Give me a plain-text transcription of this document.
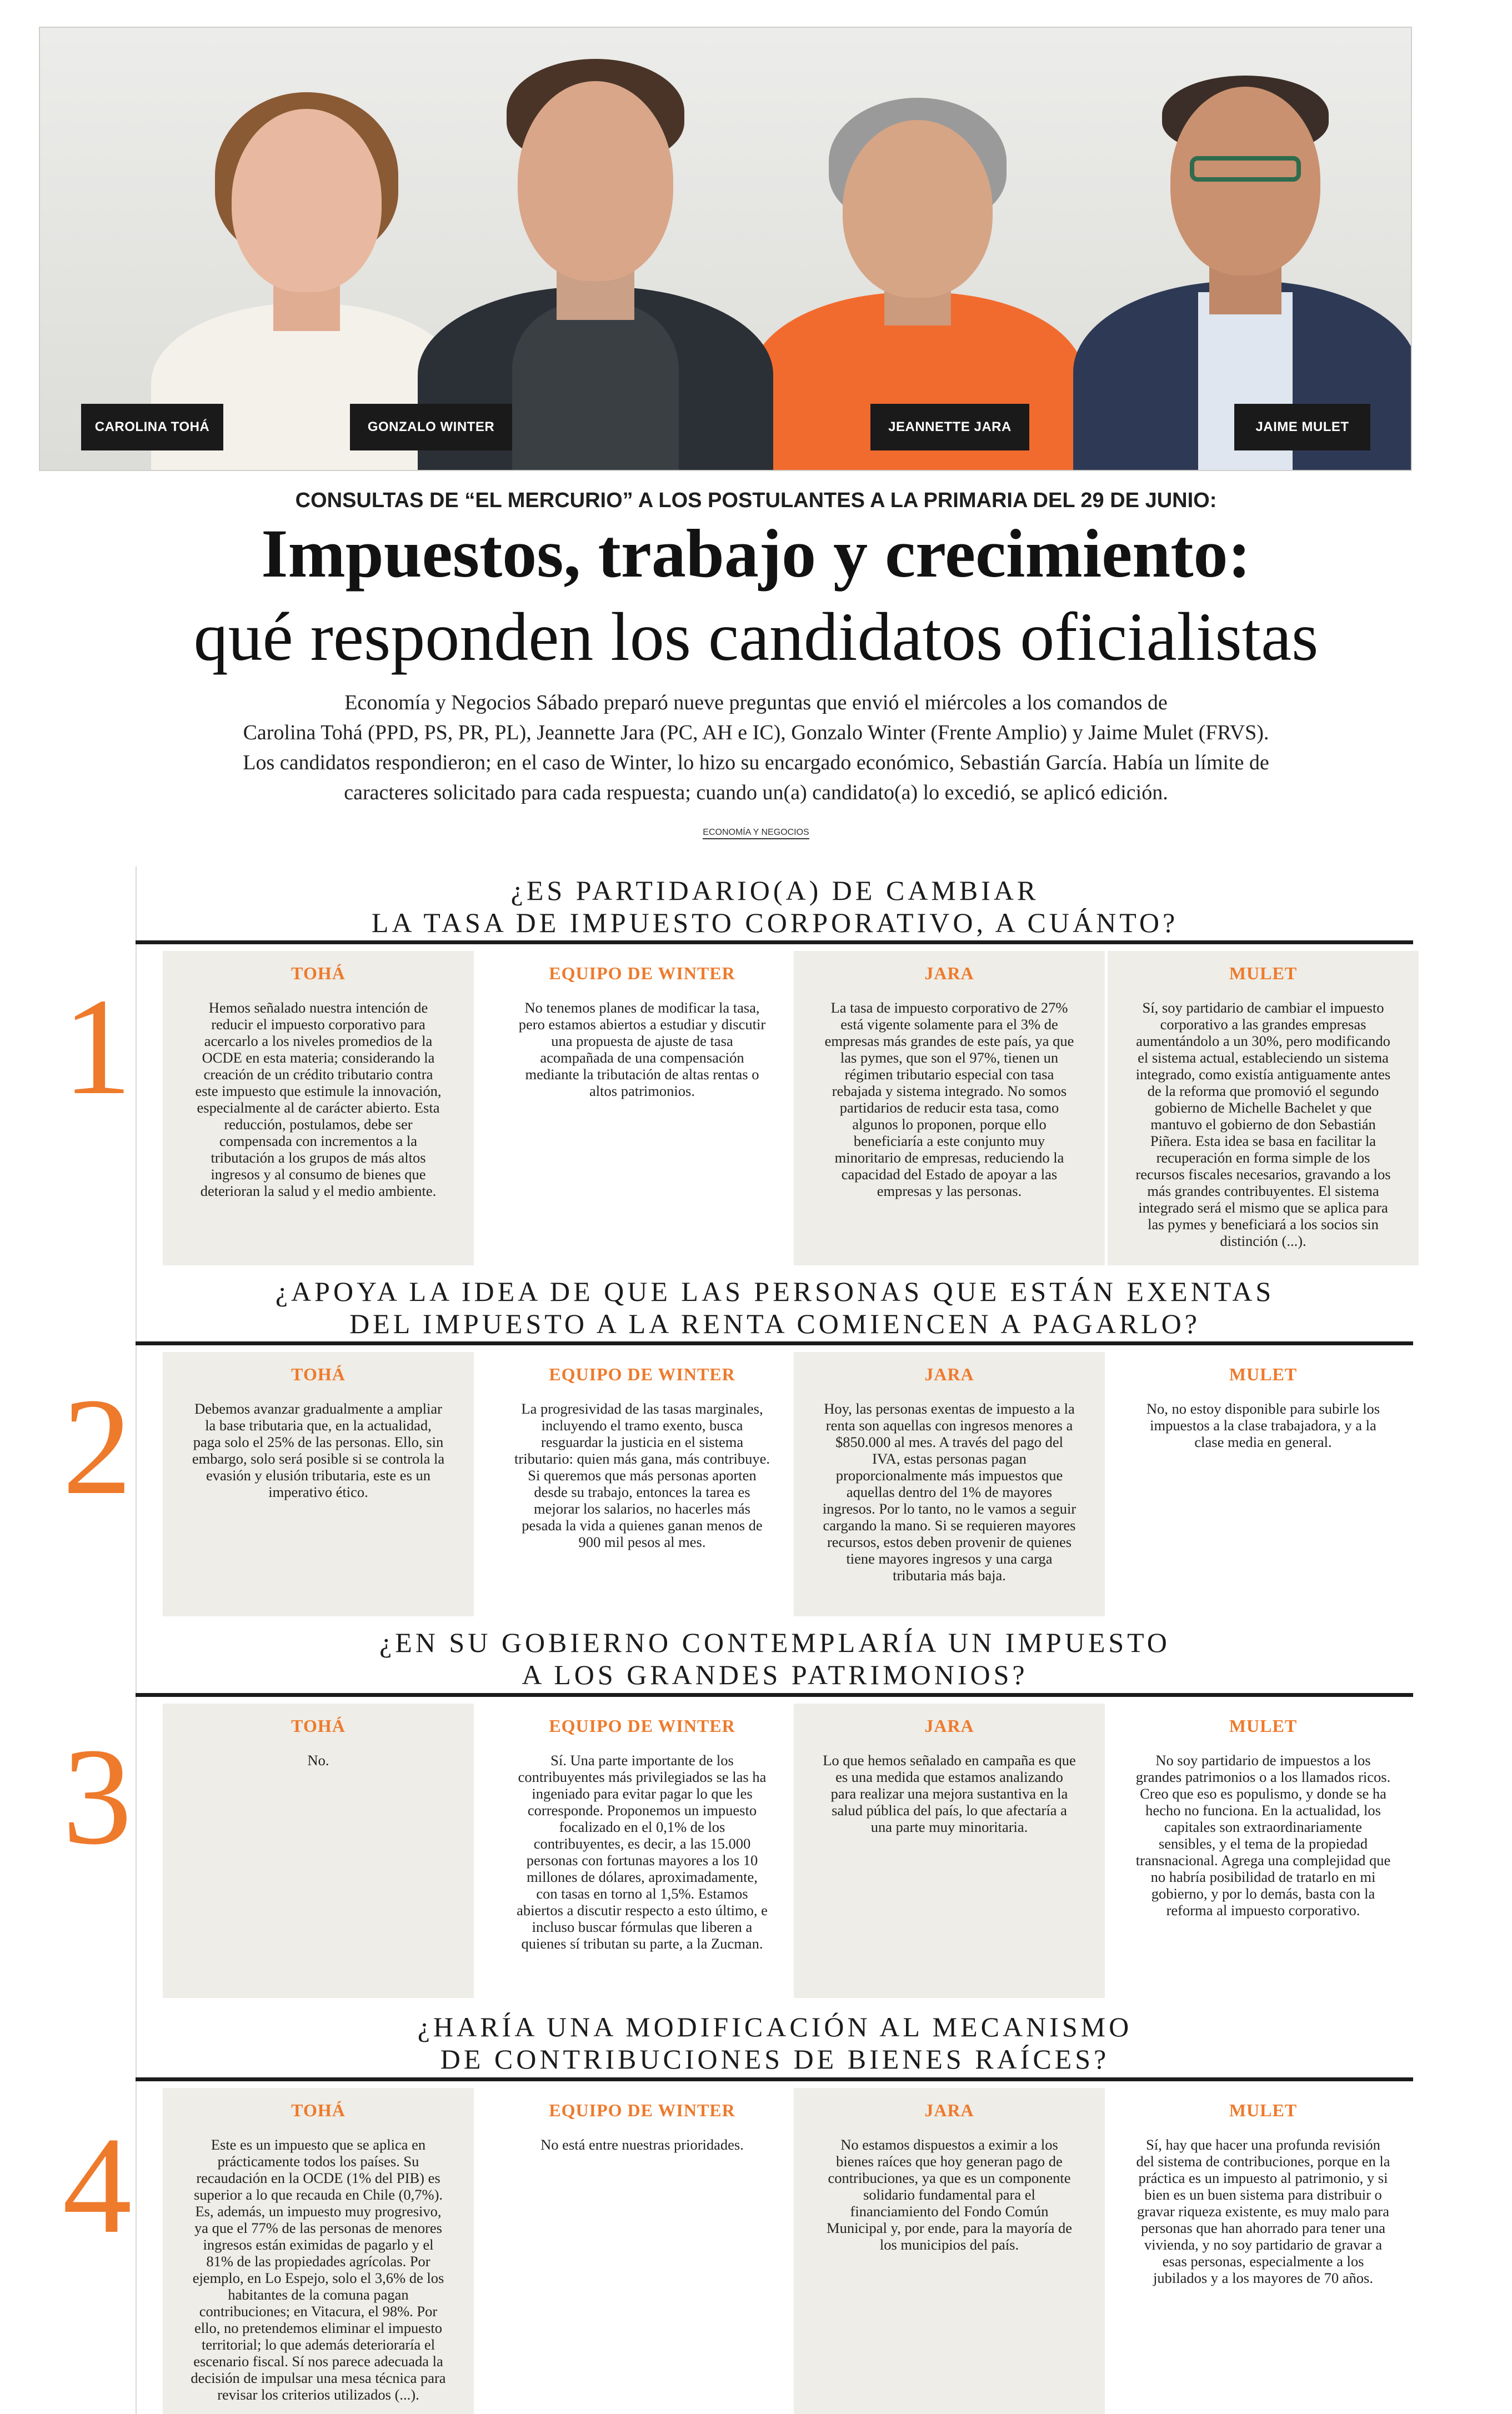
CAROLINA TOHÁ	GONZALO WINTER	JEANNETTE JARA	JAIME MULET
CONSULTAS DE “EL MERCURIO” A LOS POSTULANTES A LA PRIMARIA DEL 29 DE JUNIO:
Impuestos, trabajo y crecimiento:
qué responden los candidatos oficialistas
Economía y Negocios Sábado preparó nueve preguntas que envió el miércoles a los comandos de
Carolina Tohá (PPD, PS, PR, PL), Jeannette Jara (PC, AH e IC), Gonzalo Winter (Frente Amplio) y Jaime Mulet (FRVS).
Los candidatos respondieron; en el caso de Winter, lo hizo su encargado económico, Sebastián García. Había un límite de
caracteres solicitado para cada respuesta; cuando un(a) candidato(a) lo excedió, se aplicó edición.
ECONOMÍA Y NEGOCIOS
¿ES PARTIDARIO(A) DE CAMBIAR
LA TASA DE IMPUESTO CORPORATIVO, A CUÁNTO?
1	TOHÁ
Hemos señalado nuestra intención de reducir el impuesto corporativo para acercarlo a los niveles promedios de la OCDE en esta materia; considerando la creación de un crédito tributario contra este impuesto que estimule la innovación, especialmente al de carácter abierto. Esta reducción, postulamos, debe ser compensada con incrementos a la tributación a los grupos de más altos ingresos y al consumo de bienes que deterioran la salud y el medio ambiente.
EQUIPO DE WINTER
No tenemos planes de modificar la tasa, pero estamos abiertos a estudiar y discutir una propuesta de ajuste de tasa acompañada de una compensación mediante la tributación de altas rentas o altos patrimonios.
JARA
La tasa de impuesto corporativo de 27% está vigente solamente para el 3% de empresas más grandes de este país, ya que las pymes, que son el 97%, tienen un régimen tributario especial con tasa rebajada y sistema integrado. No somos partidarios de reducir esta tasa, como algunos lo proponen, porque ello beneficiaría a este conjunto muy minoritario de empresas, reduciendo la capacidad del Estado de apoyar a las empresas y las personas.
MULET
Sí, soy partidario de cambiar el impuesto corporativo a las grandes empresas aumentándolo a un 30%, pero modificando el sistema actual, estableciendo un sistema integrado, como existía antiguamente antes de la reforma que promovió el segundo gobierno de Michelle Bachelet y que mantuvo el gobierno de don Sebastián Piñera. Esta idea se basa en facilitar la recuperación en forma simple de los recursos fiscales necesarios, gravando a los más grandes contribuyentes. El sistema integrado será el mismo que se aplica para las pymes y beneficiará a los socios sin distinción (...).
¿APOYA LA IDEA DE QUE LAS PERSONAS QUE ESTÁN EXENTAS
DEL IMPUESTO A LA RENTA COMIENCEN A PAGARLO?
2	TOHÁ
Debemos avanzar gradualmente a ampliar la base tributaria que, en la actualidad, paga solo el 25% de las personas. Ello, sin embargo, solo será posible si se controla la evasión y elusión tributaria, este es un imperativo ético.
EQUIPO DE WINTER
La progresividad de las tasas marginales, incluyendo el tramo exento, busca resguardar la justicia en el sistema tributario: quien más gana, más contribuye. Si queremos que más personas aporten desde su trabajo, entonces la tarea es mejorar los salarios, no hacerles más pesada la vida a quienes ganan menos de 900 mil pesos al mes.
JARA
Hoy, las personas exentas de impuesto a la renta son aquellas con ingresos menores a $850.000 al mes. A través del pago del IVA, estas personas pagan proporcionalmente más impuestos que aquellas dentro del 1% de mayores ingresos. Por lo tanto, no le vamos a seguir cargando la mano. Si se requieren mayores recursos, estos deben provenir de quienes tiene mayores ingresos y una carga tributaria más baja.
MULET
No, no estoy disponible para subirle los impuestos a la clase trabajadora, y a la clase media en general.
¿EN SU GOBIERNO CONTEMPLARÍA UN IMPUESTO
A LOS GRANDES PATRIMONIOS?
3	TOHÁ
No.
EQUIPO DE WINTER
Sí. Una parte importante de los contribuyentes más privilegiados se las ha ingeniado para evitar pagar lo que les corresponde. Proponemos un impuesto focalizado en el 0,1% de los contribuyentes, es decir, a las 15.000 personas con fortunas mayores a los 10 millones de dólares, aproximadamente, con tasas en torno al 1,5%. Estamos abiertos a discutir respecto a esto último, e incluso buscar fórmulas que liberen a quienes sí tributan su parte, a la Zucman.
JARA
Lo que hemos señalado en campaña es que es una medida que estamos analizando para realizar una mejora sustantiva en la salud pública del país, lo que afectaría a una parte muy minoritaria.
MULET
No soy partidario de impuestos a los grandes patrimonios o a los llamados ricos. Creo que eso es populismo, y donde se ha hecho no funciona. En la actualidad, los capitales son extraordinariamente sensibles, y el tema de la propiedad transnacional. Agrega una complejidad que no habría posibilidad de tratarlo en mi gobierno, y por lo demás, basta con la reforma al impuesto corporativo.
¿HARÍA UNA MODIFICACIÓN AL MECANISMO
DE CONTRIBUCIONES DE BIENES RAÍCES?
4	TOHÁ
Este es un impuesto que se aplica en prácticamente todos los países. Su recaudación en la OCDE (1% del PIB) es superior a lo que recauda en Chile (0,7%). Es, además, un impuesto muy progresivo, ya que el 77% de las personas de menores ingresos están eximidas de pagarlo y el 81% de las propiedades agrícolas. Por ejemplo, en Lo Espejo, solo el 3,6% de los habitantes de la comuna pagan contribuciones; en Vitacura, el 98%. Por ello, no pretendemos eliminar el impuesto territorial; lo que además deterioraría el escenario fiscal. Sí nos parece adecuada la decisión de impulsar una mesa técnica para revisar los criterios utilizados (...).
EQUIPO DE WINTER
No está entre nuestras prioridades.
JARA
No estamos dispuestos a eximir a los bienes raíces que hoy generan pago de contribuciones, ya que es un componente solidario fundamental para el financiamiento del Fondo Común Municipal y, por ende, para la mayoría de los municipios del país.
MULET
Sí, hay que hacer una profunda revisión del sistema de contribuciones, porque en la práctica es un impuesto al patrimonio, y si bien es un buen sistema para distribuir o gravar riqueza existente, es muy malo para personas que han ahorrado para tener una vivienda, y no soy partidario de gravar a esas personas, especialmente a los jubilados y a los mayores de 70 años.
